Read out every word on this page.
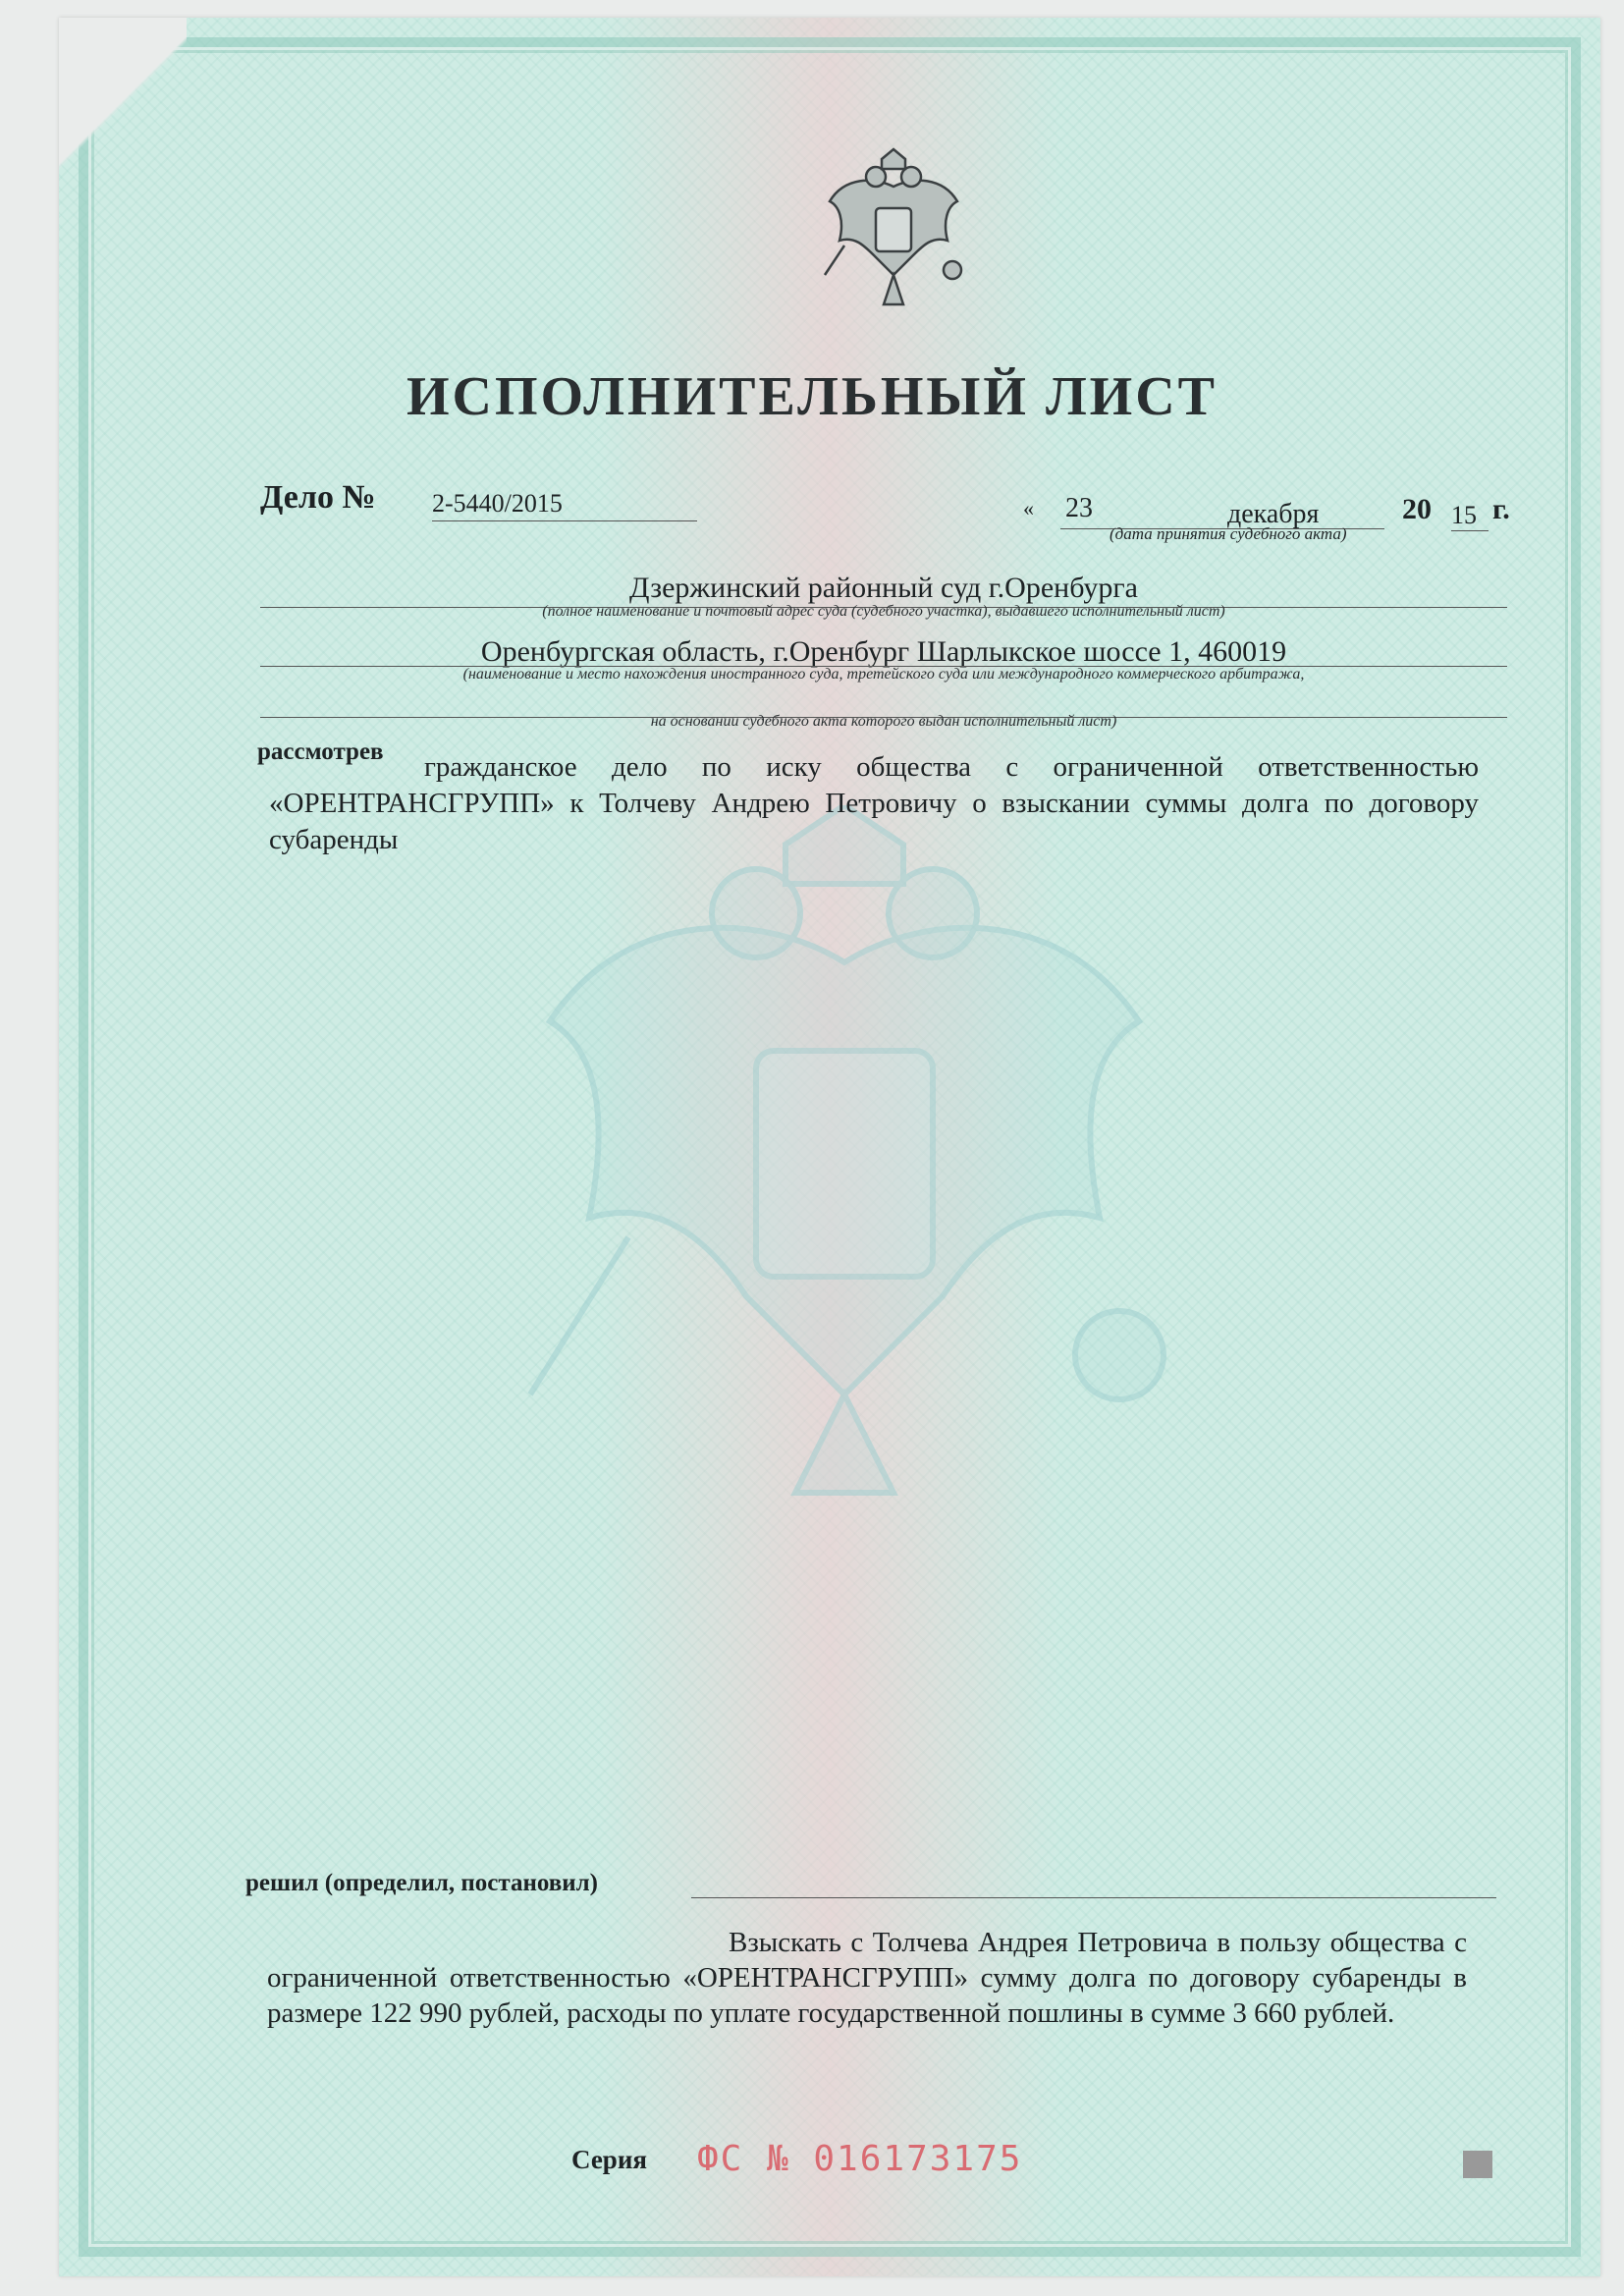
ИСПОЛНИТЕЛЬНЫЙ ЛИСТ
Дело № 2-5440/2015	« 23	декабря	20 15 г.
(дата принятия судебного акта)
Дзержинский районный суд г.Оренбурга
(полное наименование и почтовый адрес суда (судебного участка), выдавшего исполнительный лист)
Оренбургская область, г.Оренбург Шарлыкское шоссе 1, 460019
(наименование и место нахождения иностранного суда, третейского суда или международного коммерческого арбитража,
на основании судебного акта которого выдан исполнительный лист)
рассмотрев	гражданское дело по иску общества с ограниченной ответственностью «ОРЕНТРАНСГРУПП» к Толчеву Андрею Петровичу о взыскании суммы долга по договору субаренды
решил (определил, постановил)
Взыскать с Толчева Андрея Петровича в пользу общества с ограниченной ответственностью «ОРЕНТРАНСГРУПП» сумму долга по договору субаренды в размере 122 990 рублей, расходы по уплате государственной пошлины в сумме 3 660 рублей.
Серия ФС № 016173175
